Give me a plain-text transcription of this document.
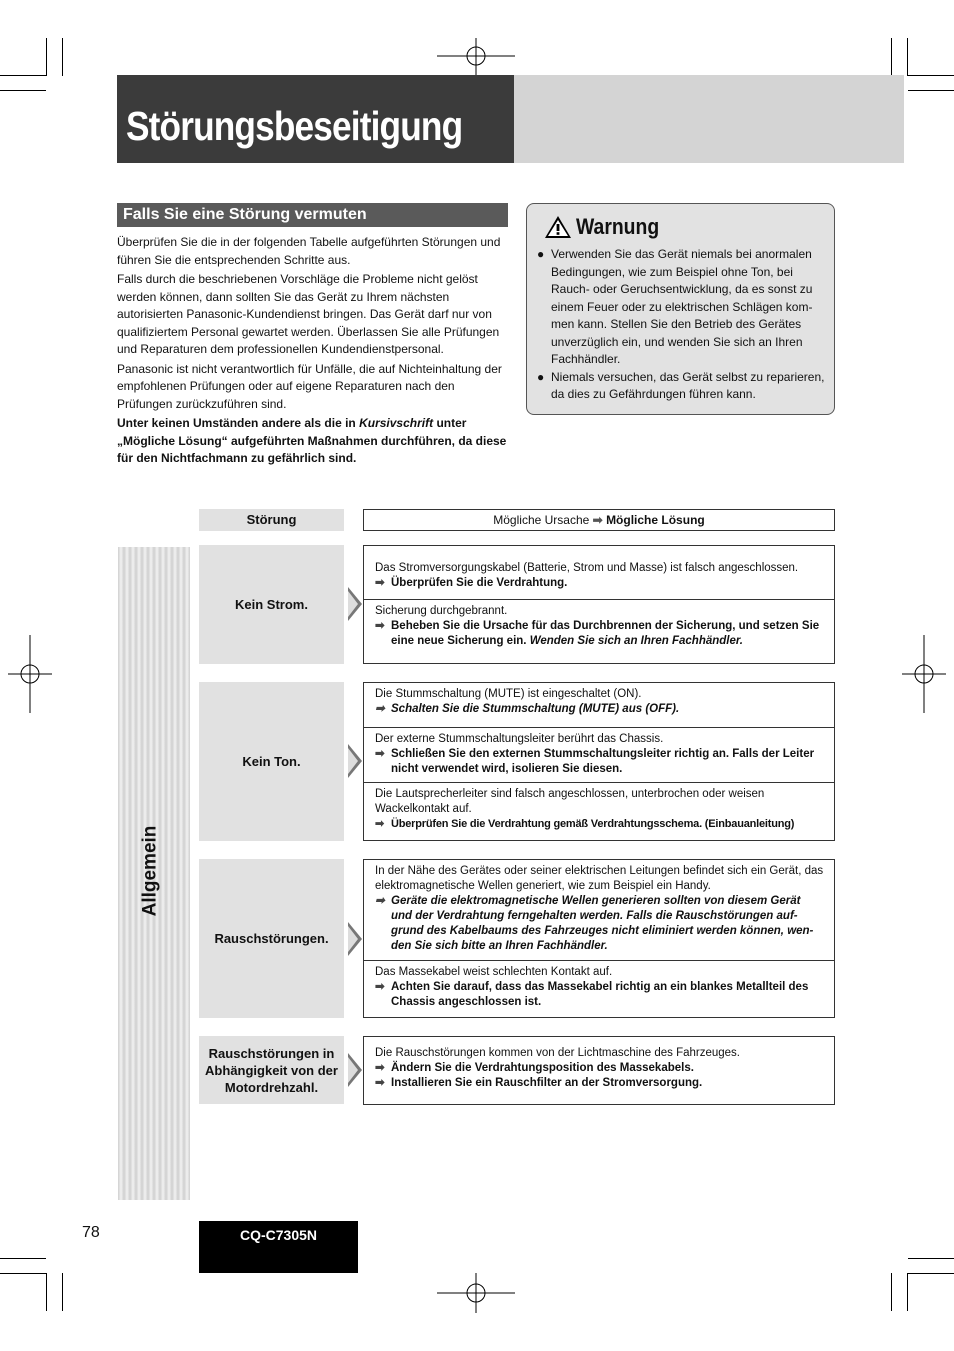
Störungsbeseitigung
Falls Sie eine Störung vermuten

Überprüfen Sie die in der folgenden Tabelle aufgeführten Störungen und führen Sie die entsprechenden Schritte aus.

Falls durch die beschriebenen Vorschläge die Probleme nicht gelöst werden können, dann sollten Sie das Gerät zu Ihrem nächsten autorisierten Panasonic-Kundendienst bringen. Das Gerät darf nur von qualifiziertem Personal gewartet werden. Überlassen Sie alle Prüfungen und Reparaturen dem professionellen Kundendienstpersonal.

Panasonic ist nicht verantwortlich für Unfälle, die auf Nichteinhaltung der empfohlenen Prüfungen oder auf eigene Reparaturen nach den Prüfungen zurückzuführen sind.

Unter keinen Umständen andere als die in Kursivschrift unter „Mögliche Lösung“ aufgeführten Maßnahmen durchführen, da diese für den Nichtfachmann zu gefährlich sind.

Warnung

● Verwenden Sie das Gerät niemals bei anormalen Bedingungen, wie zum Beispiel ohne Ton, bei Rauch- oder Geruchsentwicklung, da es sonst zu einem Feuer oder zu elektrischen Schlägen kom-men kann. Stellen Sie den Betrieb des Gerätes unverzüglich ein, und wenden Sie sich an Ihren Fachhändler.

● Niemals versuchen, das Gerät selbst zu reparieren, da dies zu Gefährdungen führen kann.

Störung	Mögliche Ursache ➡ Mögliche Lösung
Allgemein
Kein Strom.
Das Stromversorgungskabel (Batterie, Strom und Masse) ist falsch angeschlossen.
➡ Überprüfen Sie die Verdrahtung.
Sicherung durchgebrannt.
➡ Beheben Sie die Ursache für das Durchbrennen der Sicherung, und setzen Sie eine neue Sicherung ein. Wenden Sie sich an Ihren Fachhändler.
Kein Ton.
Die Stummschaltung (MUTE) ist eingeschaltet (ON).
➡ Schalten Sie die Stummschaltung (MUTE) aus (OFF).
Der externe Stummschaltungsleiter berührt das Chassis.
➡ Schließen Sie den externen Stummschaltungsleiter richtig an. Falls der Leiter nicht verwendet wird, isolieren Sie diesen.
Die Lautsprecherleiter sind falsch angeschlossen, unterbrochen oder weisen Wackelkontakt auf.
➡ Überprüfen Sie die Verdrahtung gemäß Verdrahtungsschema. (Einbauanleitung)
Rauschstörungen.
In der Nähe des Gerätes oder seiner elektrischen Leitungen befindet sich ein Gerät, das elektromagnetische Wellen generiert, wie zum Beispiel ein Handy.
➡ Geräte die elektromagnetische Wellen generieren sollten von diesem Gerät und der Verdrahtung ferngehalten werden. Falls die Rauschstörungen auf-grund des Kabelbaums des Fahrzeuges nicht eliminiert werden können, wen-den Sie sich bitte an Ihren Fachhändler.
Das Massekabel weist schlechten Kontakt auf.
➡ Achten Sie darauf, dass das Massekabel richtig an ein blankes Metallteil des Chassis angeschlossen ist.
Rauschstörungen in Abhängigkeit von der Motordrehzahl.
Die Rauschstörungen kommen von der Lichtmaschine des Fahrzeuges.
➡ Ändern Sie die Verdrahtungsposition des Massekabels.
➡ Installieren Sie ein Rauschfilter an der Stromversorgung.
78	CQ-C7305N
